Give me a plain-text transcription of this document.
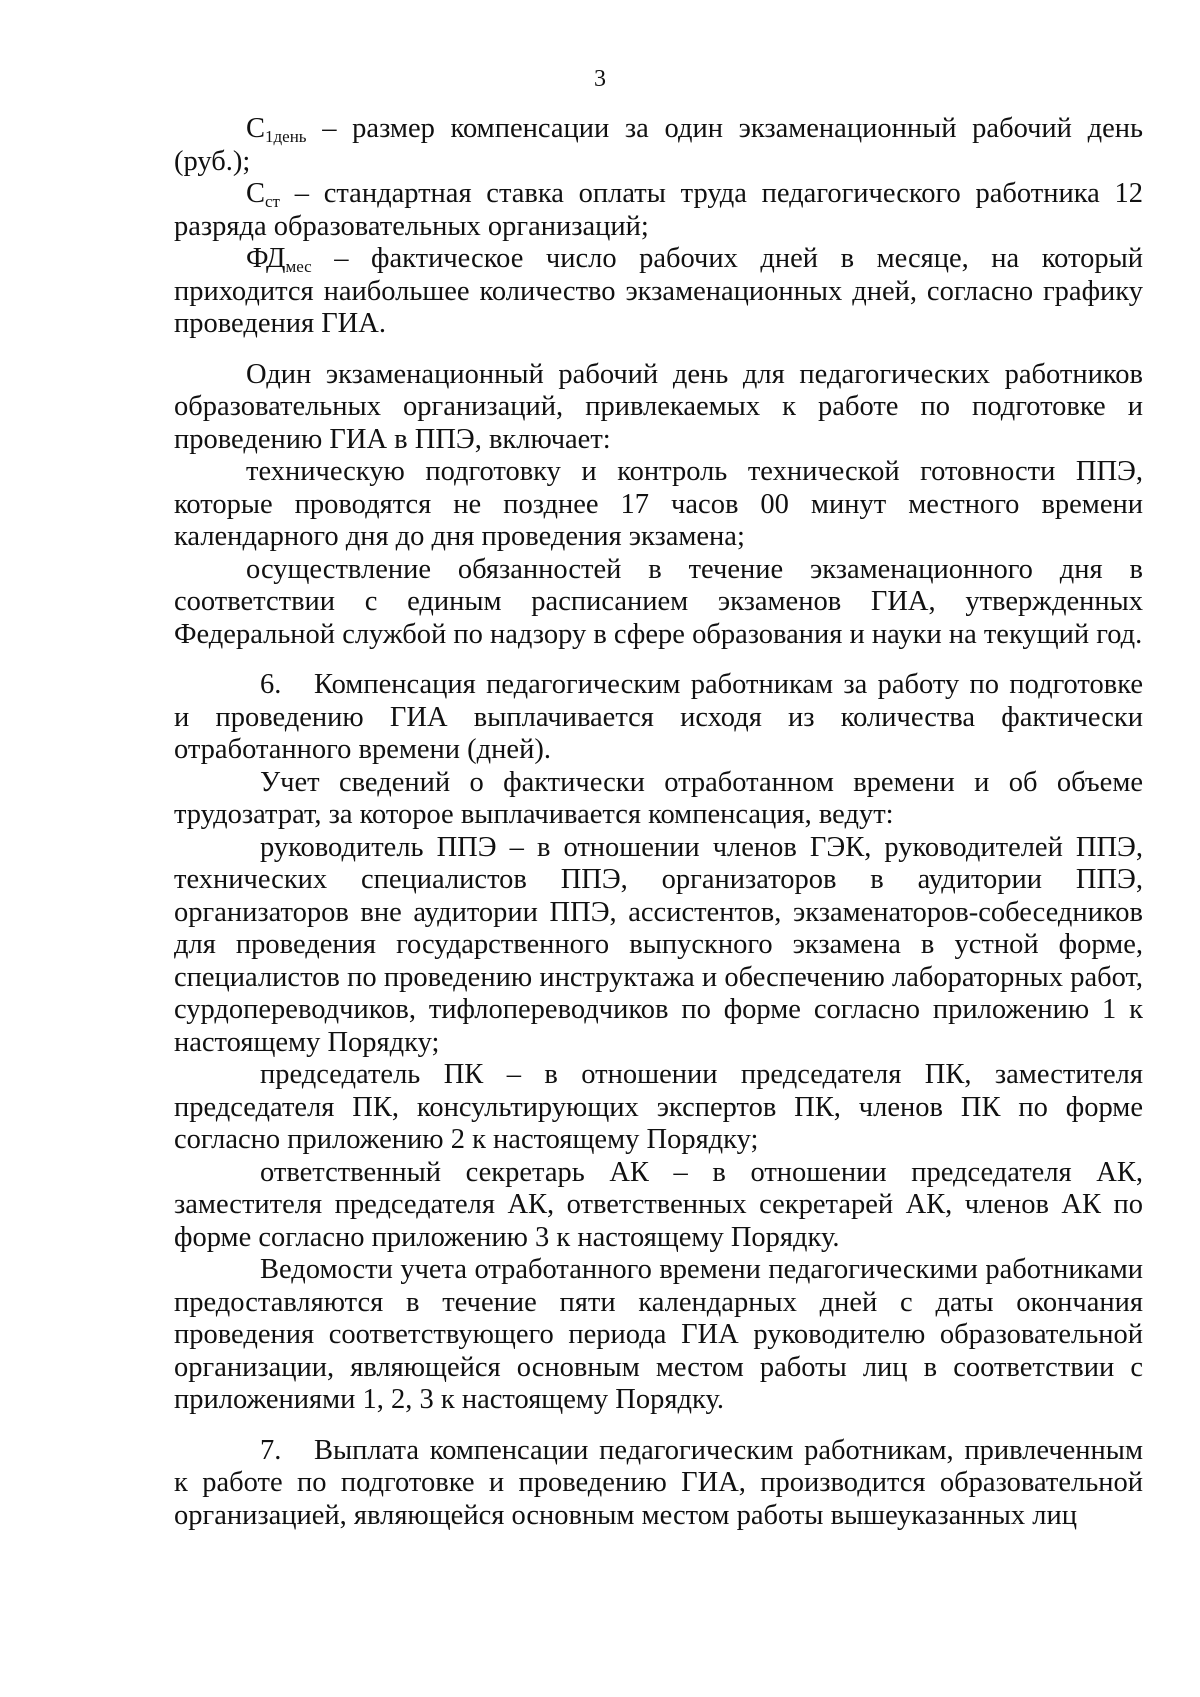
3

$C_{1день}$ – размер компенсации за один экзаменационный рабочий день (руб.);

$C_{ст}$ – стандартная ставка оплаты труда педагогического работника 12 разряда образовательных организаций;

$ФД_{мес}$ – фактическое число рабочих дней в месяце, на который приходится наибольшее количество экзаменационных дней, согласно графику проведения ГИА.

Один экзаменационный рабочий день для педагогических работников образовательных организаций, привлекаемых к работе по подготовке и проведению ГИА в ППЭ, включает:

техническую подготовку и контроль технической готовности ППЭ, которые проводятся не позднее 17 часов 00 минут местного времени календарного дня до дня проведения экзамена;

осуществление обязанностей в течение экзаменационного дня в соответствии с единым расписанием экзаменов ГИА, утвержденных Федеральной службой по надзору в сфере образования и науки на текущий год.

6. Компенсация педагогическим работникам за работу по подготовке и проведению ГИА выплачивается исходя из количества фактически отработанного времени (дней).

Учет сведений о фактически отработанном времени и об объеме трудозатрат, за которое выплачивается компенсация, ведут:

руководитель ППЭ – в отношении членов ГЭК, руководителей ППЭ, технических специалистов ППЭ, организаторов в аудитории ППЭ, организаторов вне аудитории ППЭ, ассистентов, экзаменаторов-собеседников для проведения государственного выпускного экзамена в устной форме, специалистов по проведению инструктажа и обеспечению лабораторных работ, сурдопереводчиков, тифлопереводчиков по форме согласно приложению 1 к настоящему Порядку;

председатель ПК – в отношении председателя ПК, заместителя председателя ПК, консультирующих экспертов ПК, членов ПК по форме согласно приложению 2 к настоящему Порядку;

ответственный секретарь АК – в отношении председателя АК, заместителя председателя АК, ответственных секретарей АК, членов АК по форме согласно приложению 3 к настоящему Порядку.

Ведомости учета отработанного времени педагогическими работниками предоставляются в течение пяти календарных дней с даты окончания проведения соответствующего периода ГИА руководителю образовательной организации, являющейся основным местом работы лиц в соответствии с приложениями 1, 2, 3 к настоящему Порядку.

7. Выплата компенсации педагогическим работникам, привлеченным к работе по подготовке и проведению ГИА, производится образовательной организацией, являющейся основным местом работы вышеуказанных лиц
